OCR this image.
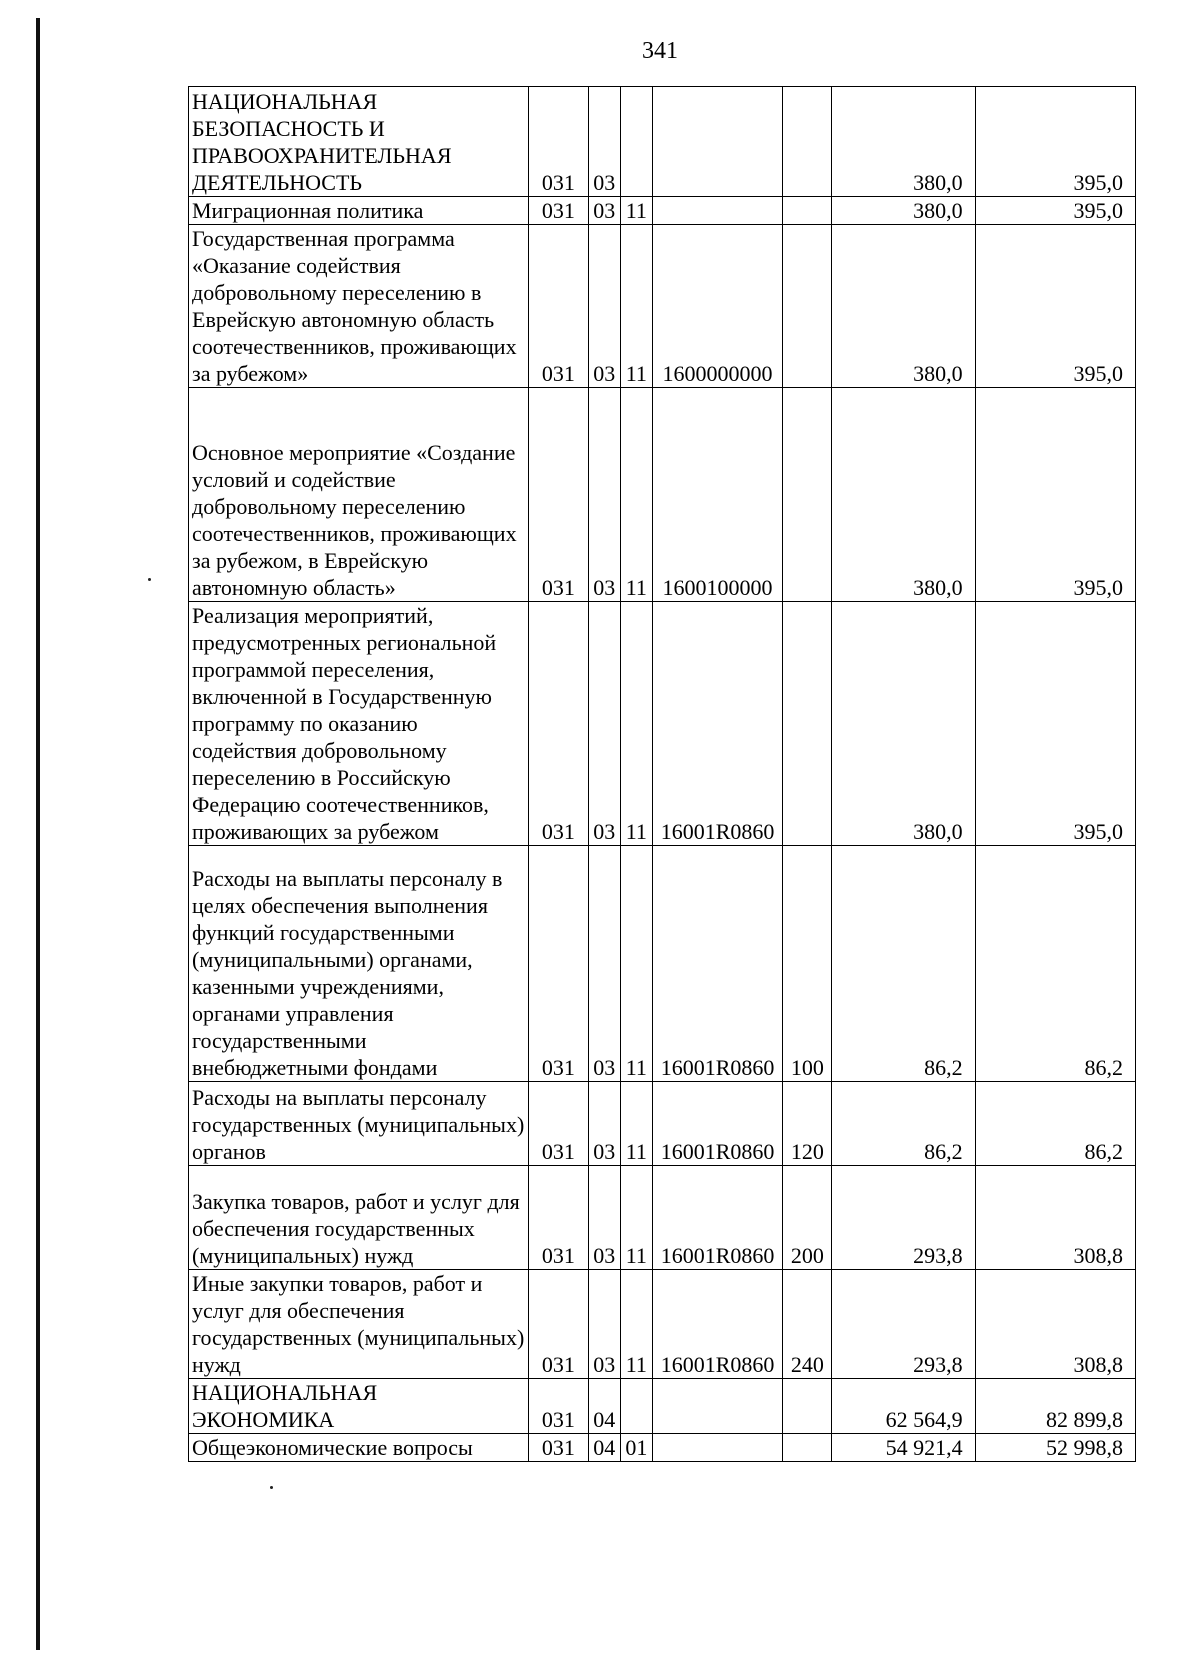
341
НАЦИОНАЛЬНАЯ БЕЗОПАСНОСТЬ И ПРАВООХРАНИТЕЛЬНАЯ ДЕЯТЕЛЬНОСТЬ	031	03				380,0	395,0
Миграционная политика	031	03	11			380,0	395,0
Государственная программа «Оказание содействия добровольному переселению в Еврейскую автономную область соотечественников, проживающих за рубежом»	031	03	11	1600000000		380,0	395,0
Основное мероприятие «Создание условий и содействие добровольному переселению соотечественников, проживающих за рубежом, в Еврейскую автономную область»	031	03	11	1600100000		380,0	395,0
Реализация мероприятий, предусмотренных региональной программой переселения, включенной в Государственную программу по оказанию содействия добровольному переселению в Российскую Федерацию соотечественников, проживающих за рубежом	031	03	11	16001R0860		380,0	395,0
Расходы на выплаты персоналу в целях обеспечения выполнения функций государственными (муниципальными) органами, казенными учреждениями, органами управления государственными внебюджетными фондами	031	03	11	16001R0860	100	86,2	86,2
Расходы на выплаты персоналу государственных (муниципальных) органов	031	03	11	16001R0860	120	86,2	86,2
Закупка товаров, работ и услуг для обеспечения государственных (муниципальных) нужд	031	03	11	16001R0860	200	293,8	308,8
Иные закупки товаров, работ и услуг для обеспечения государственных (муниципальных) нужд	031	03	11	16001R0860	240	293,8	308,8
НАЦИОНАЛЬНАЯ ЭКОНОМИКА	031	04				62 564,9	82 899,8
Общеэкономические вопросы	031	04	01			54 921,4	52 998,8
